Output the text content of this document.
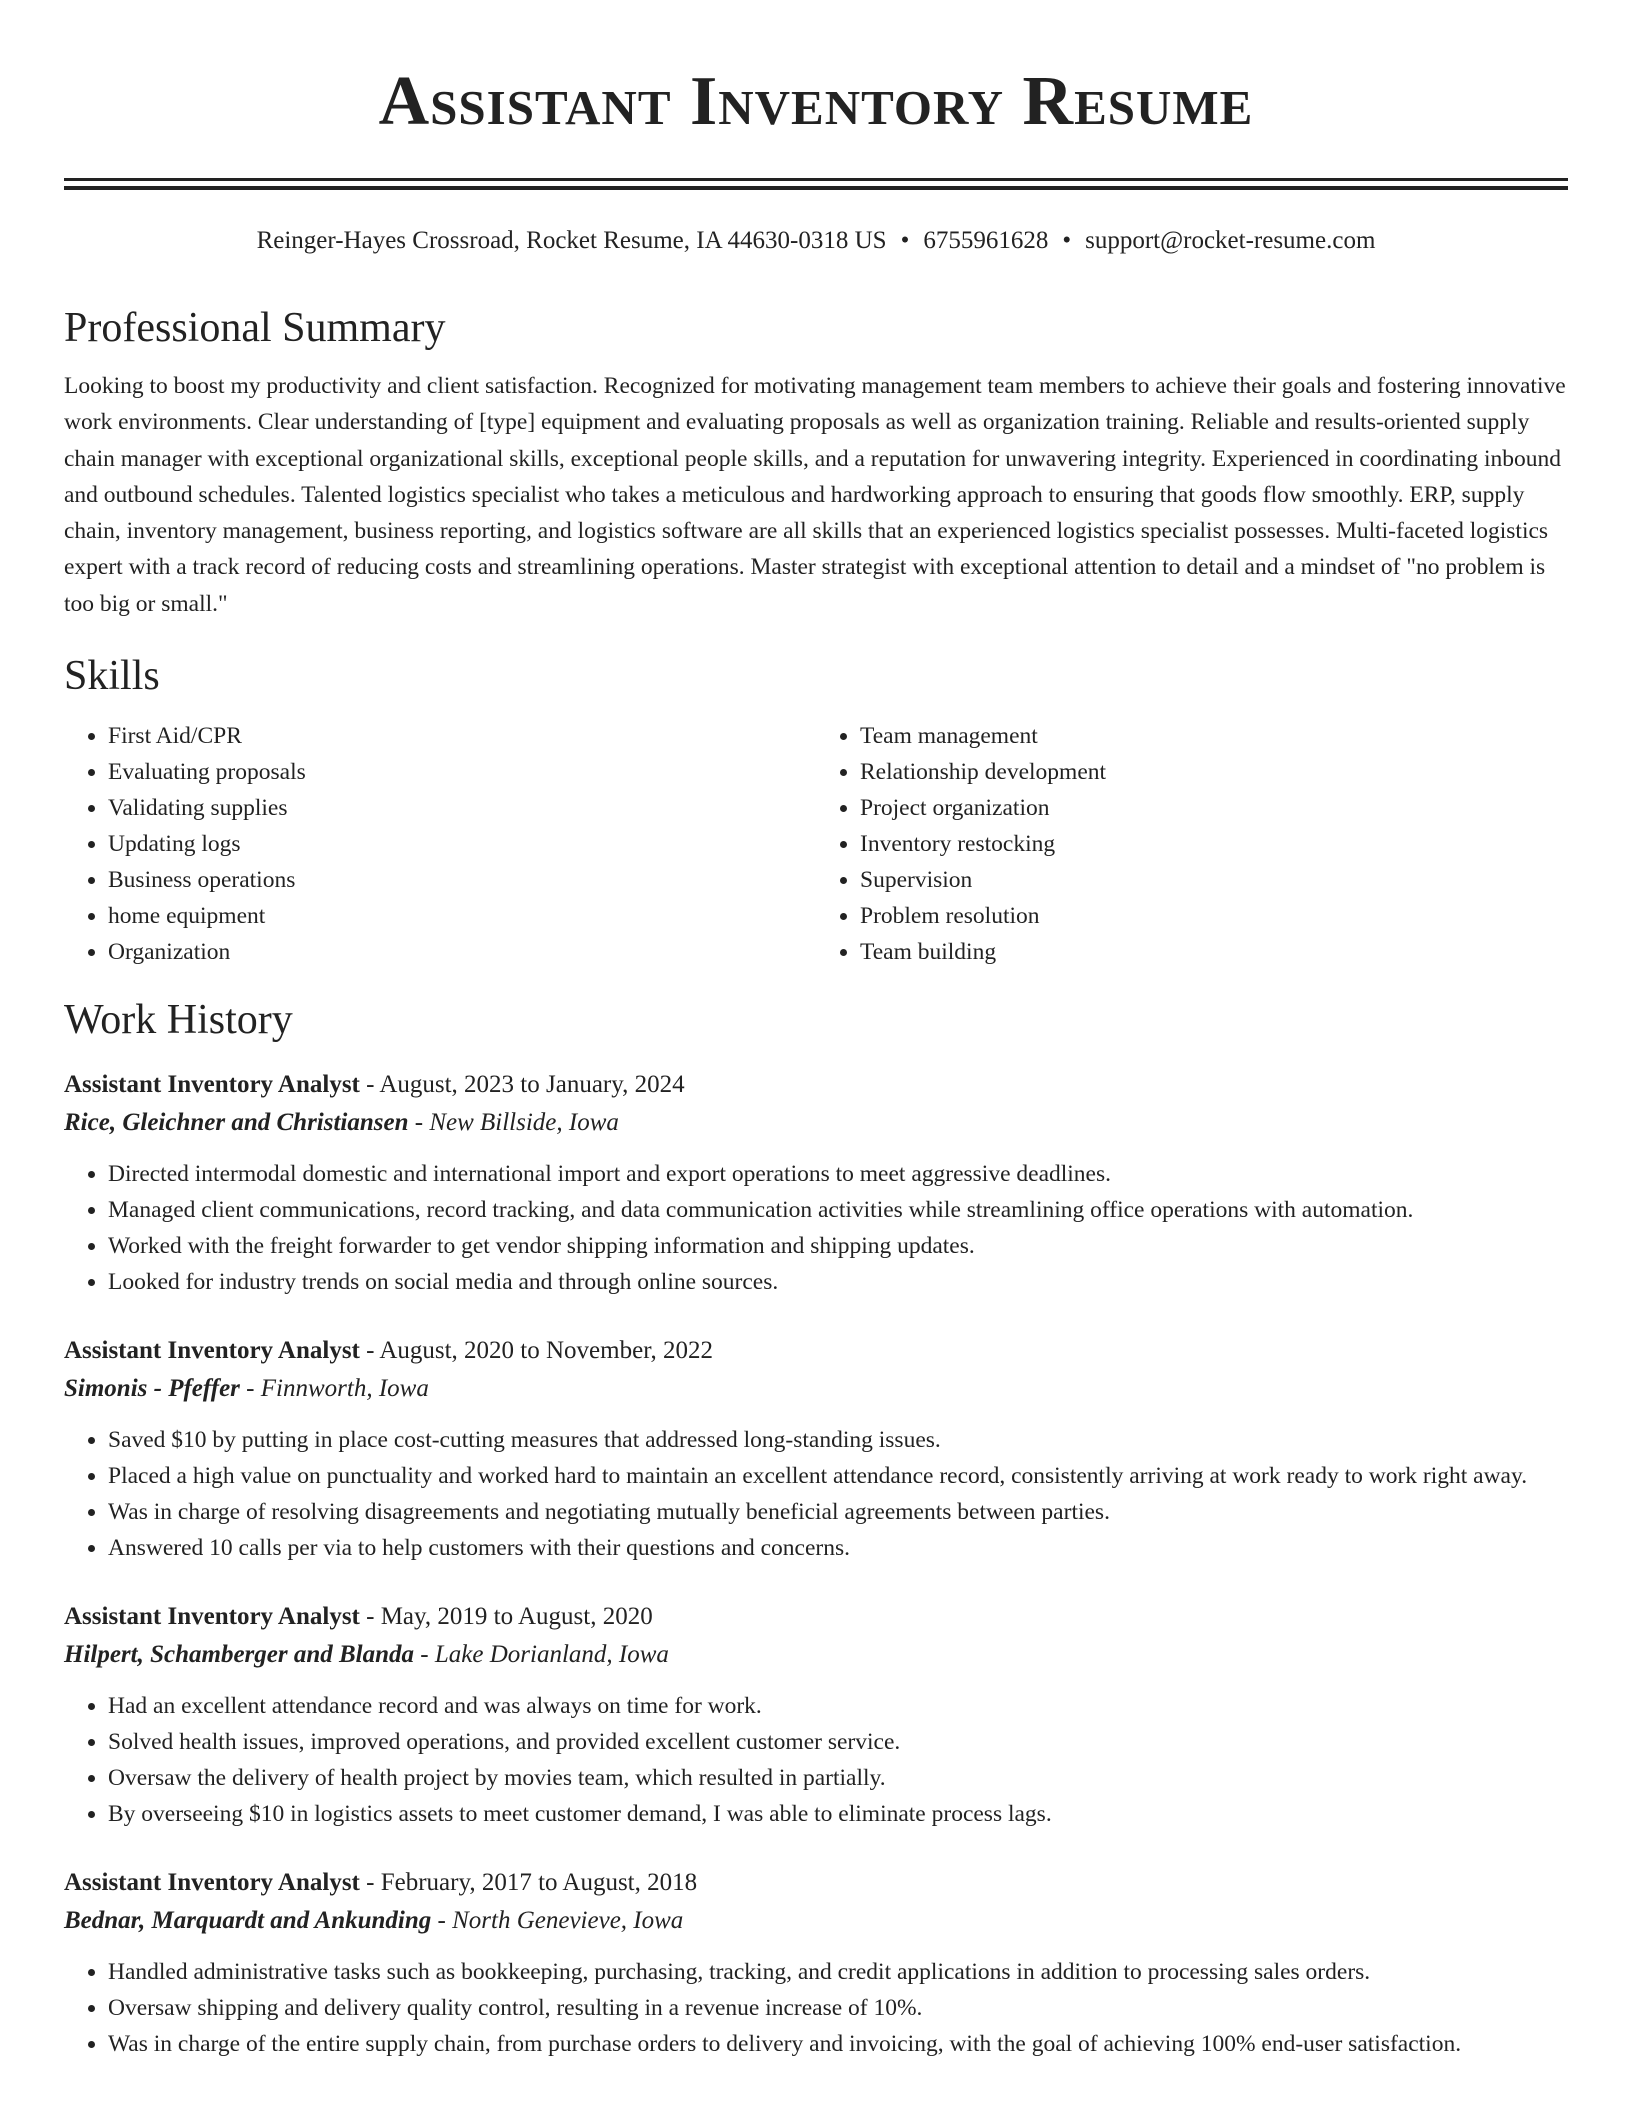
Assistant Inventory Resume
Reinger-Hayes Crossroad, Rocket Resume, IA 44630-0318 US • 6755961628 • support@rocket-resume.com
Professional Summary
Looking to boost my productivity and client satisfaction. Recognized for motivating management team members to achieve their goals and fostering innovative work environments. Clear understanding of [type] equipment and evaluating proposals as well as organization training. Reliable and results-oriented supply chain manager with exceptional organizational skills, exceptional people skills, and a reputation for unwavering integrity. Experienced in coordinating inbound and outbound schedules. Talented logistics specialist who takes a meticulous and hardworking approach to ensuring that goods flow smoothly. ERP, supply chain, inventory management, business reporting, and logistics software are all skills that an experienced logistics specialist possesses. Multi-faceted logistics expert with a track record of reducing costs and streamlining operations. Master strategist with exceptional attention to detail and a mindset of "no problem is too big or small."
Skills
• First Aid/CPR
• Evaluating proposals
• Validating supplies
• Updating logs
• Business operations
• home equipment
• Organization
• Team management
• Relationship development
• Project organization
• Inventory restocking
• Supervision
• Problem resolution
• Team building
Work History
Assistant Inventory Analyst - August, 2023 to January, 2024
Rice, Gleichner and Christiansen - New Billside, Iowa
• Directed intermodal domestic and international import and export operations to meet aggressive deadlines.
• Managed client communications, record tracking, and data communication activities while streamlining office operations with automation.
• Worked with the freight forwarder to get vendor shipping information and shipping updates.
• Looked for industry trends on social media and through online sources.
Assistant Inventory Analyst - August, 2020 to November, 2022
Simonis - Pfeffer - Finnworth, Iowa
• Saved $10 by putting in place cost-cutting measures that addressed long-standing issues.
• Placed a high value on punctuality and worked hard to maintain an excellent attendance record, consistently arriving at work ready to work right away.
• Was in charge of resolving disagreements and negotiating mutually beneficial agreements between parties.
• Answered 10 calls per via to help customers with their questions and concerns.
Assistant Inventory Analyst - May, 2019 to August, 2020
Hilpert, Schamberger and Blanda - Lake Dorianland, Iowa
• Had an excellent attendance record and was always on time for work.
• Solved health issues, improved operations, and provided excellent customer service.
• Oversaw the delivery of health project by movies team, which resulted in partially.
• By overseeing $10 in logistics assets to meet customer demand, I was able to eliminate process lags.
Assistant Inventory Analyst - February, 2017 to August, 2018
Bednar, Marquardt and Ankunding - North Genevieve, Iowa
• Handled administrative tasks such as bookkeeping, purchasing, tracking, and credit applications in addition to processing sales orders.
• Oversaw shipping and delivery quality control, resulting in a revenue increase of 10%.
• Was in charge of the entire supply chain, from purchase orders to delivery and invoicing, with the goal of achieving 100% end-user satisfaction.
